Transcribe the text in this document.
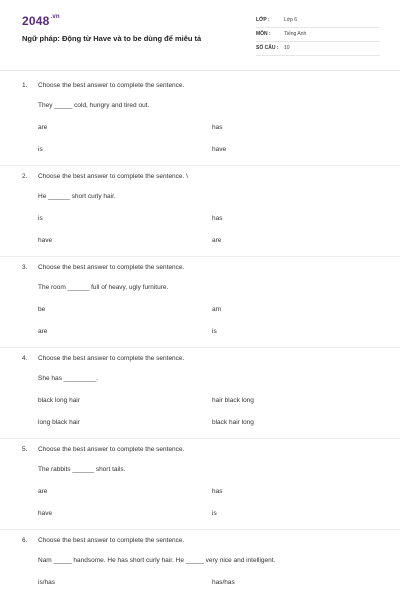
$2048^{.vn}$
Ngữ pháp: Động từ Have và to be dùng để miêu tả
LỚP :	Lớp 6
MÔN :	Tiếng Anh
SỐ CÂU : 10
1. Choose the best answer to complete the sentence.
They _____ cold, hungry and tired out.
are	has
is	have
2. Choose the best answer to complete the sentence. \
He ______ short curly hair.
is	has
have	are
3. Choose the best answer to complete the sentence.
The room ______ full of heavy, ugly furniture.
be	am
are	is
4. Choose the best answer to complete the sentence.
She has _________.
black long hair	hair black long
long black hair	black hair long
5. Choose the best answer to complete the sentence.
The rabbits ______ short tails.
are	has
have	is
6. Choose the best answer to complete the sentence.
Nam _____ handsome. He has short curly hair. He _____ very nice and intelligent.
is/has	has/has
